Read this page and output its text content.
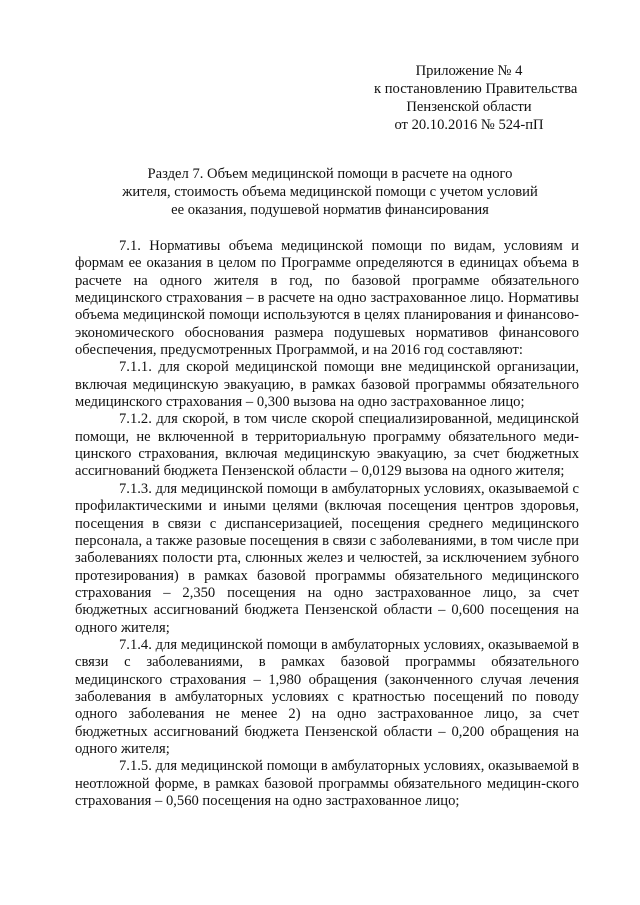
Приложение № 4
к постановлению Правительства
Пензенской области
от 20.10.2016 № 524-пП
Раздел 7. Объем медицинской помощи в расчете на одного
жителя, стоимость объема медицинской помощи с учетом условий
ее оказания, подушевой норматив финансирования

7.1. Нормативы объема медицинской помощи по видам, условиям и формам ее оказания в целом по Программе определяются в единицах объема в расчете на одного жителя в год, по базовой программе обязательного медицинского страхования – в расчете на одно застрахованное лицо. Нормативы объема медицинской помощи используются в целях планирования и финансово-экономического обоснования размера подушевых нормативов финансового обеспечения, предусмотренных Программой, и на 2016 год составляют:

7.1.1. для скорой медицинской помощи вне медицинской организации, включая медицинскую эвакуацию, в рамках базовой программы обязательного медицинского страхования – 0,300 вызова на одно застрахованное лицо;

7.1.2. для скорой, в том числе скорой специализированной, медицинской помощи, не включенной в территориальную программу обязательного меди-цинского страхования, включая медицинскую эвакуацию, за счет бюджетных ассигнований бюджета Пензенской области – 0,0129 вызова на одного жителя;

7.1.3. для медицинской помощи в амбулаторных условиях, оказываемой с профилактическими и иными целями (включая посещения центров здоровья, посещения в связи с диспансеризацией, посещения среднего медицинского персонала, а также разовые посещения в связи с заболеваниями, в том числе при заболеваниях полости рта, слюнных желез и челюстей, за исключением зубного протезирования) в рамках базовой программы обязательного медицинского страхования – 2,350 посещения на одно застрахованное лицо, за счет бюджетных ассигнований бюджета Пензенской области – 0,600 посещения на одного жителя;

7.1.4. для медицинской помощи в амбулаторных условиях, оказываемой в связи с заболеваниями, в рамках базовой программы обязательного медицинского страхования – 1,980 обращения (законченного случая лечения заболевания в амбулаторных условиях с кратностью посещений по поводу одного заболевания не менее 2) на одно застрахованное лицо, за счет бюджетных ассигнований бюджета Пензенской области – 0,200 обращения на одного жителя;

7.1.5. для медицинской помощи в амбулаторных условиях, оказываемой в неотложной форме, в рамках базовой программы обязательного медицин-ского страхования – 0,560 посещения на одно застрахованное лицо;
